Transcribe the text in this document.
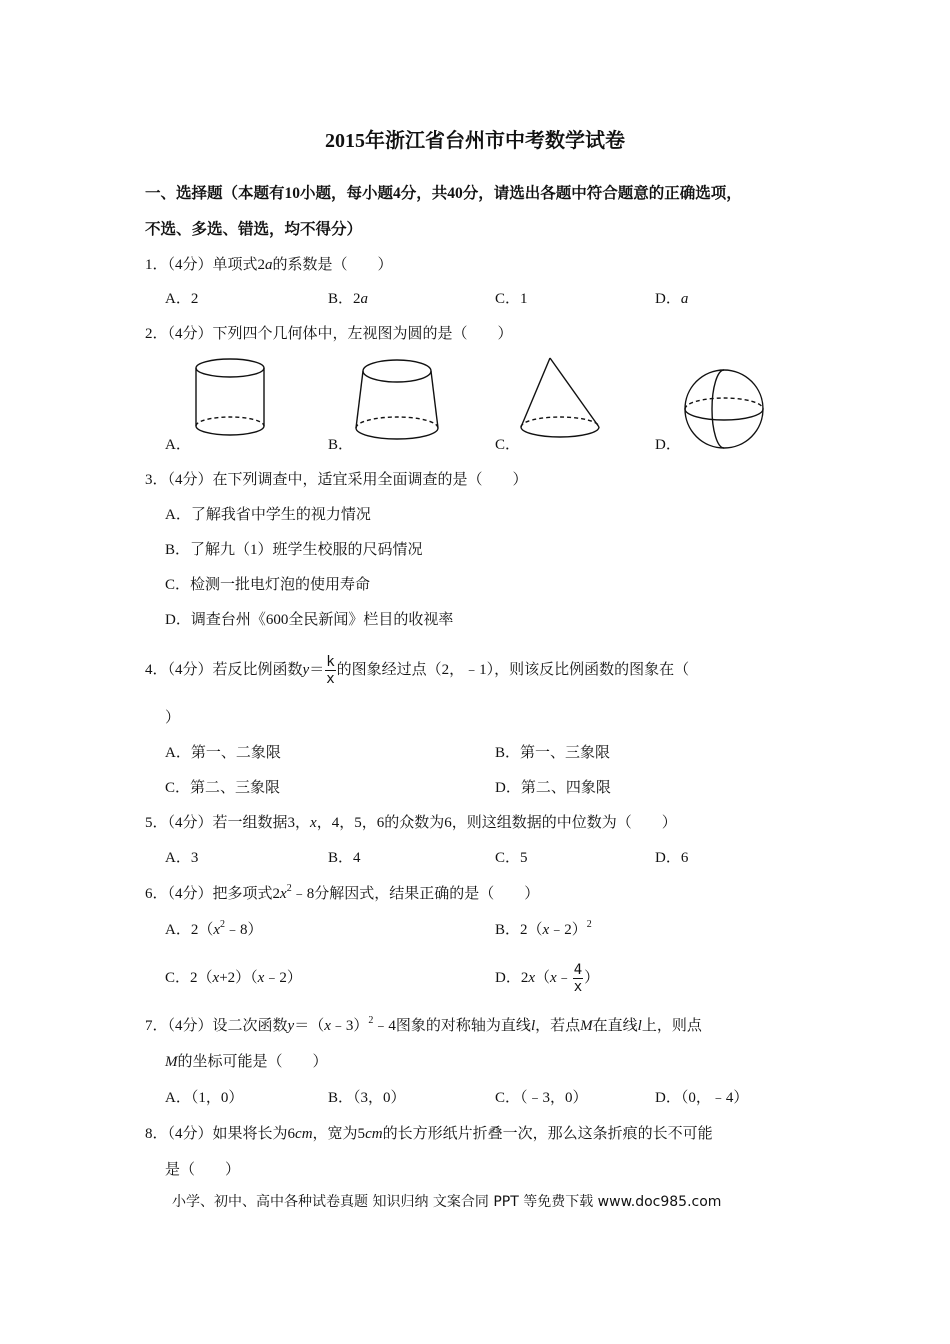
2015年浙江省台州市中考数学试卷
一、选择题（本题有10小题，每小题4分，共40分，请选出各题中符合题意的正确选项，
不选、多选、错选，均不得分）
1．（4分）单项式2a的系数是（　　）
A．2	B．2a	C．1	D．a
2．（4分）下列四个几何体中，左视图为圆的是（　　）
A．	B．	C．	D．
3．（4分）在下列调查中，适宜采用全面调查的是（　　）
A．了解我省中学生的视力情况
B．了解九（1）班学生校服的尺码情况
C．检测一批电灯泡的使用寿命
D．调查台州《600全民新闻》栏目的收视率
4．（4分）若反比例函数$y= \frac{k}{x}$ 的图象经过点（2，﹣1），则该反比例函数的图象在（
）
A．第一、二象限	B．第一、三象限
C．第二、三象限	D．第二、四象限
5．（4分）若一组数据3，x，4，5，6的众数为6，则这组数据的中位数为（　　）
A．3	B．4	C．5	D．6
6．（4分）把多项式$2x^2﹣8$分解因式，结果正确的是（　　）
A．$2(x^2﹣8)$	B．2（x﹣2）$^2$
C．2（x+2）（x﹣2）	D．2x（x﹣ $\frac{4}{x}$ ）
7．（4分）设二次函数y＝（x﹣3）$^2$﹣4图象的对称轴为直线l，若点M在直线l上，则点
M的坐标可能是（　　）
A．（1，0）	B．（3，0）	C．（﹣3，0）	D．（0，﹣4）
8．（4分）如果将长为6cm，宽为5cm的长方形纸片折叠一次，那么这条折痕的长不可能
是（　　）
小学、初中、高中各种试卷真题 知识归纳 文案合同 PPT 等免费下载 www.doc985.com
